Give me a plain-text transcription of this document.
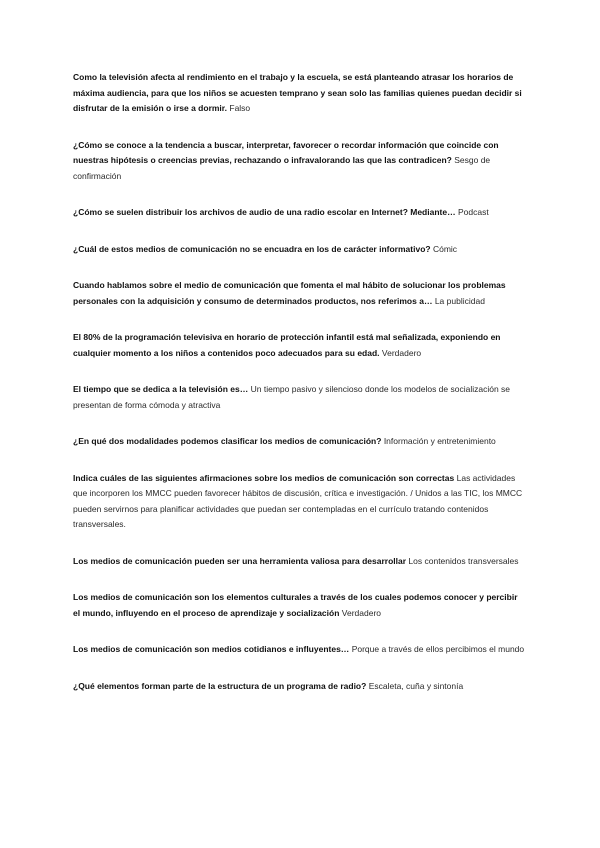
Como la televisión afecta al rendimiento en el trabajo y la escuela, se está planteando atrasar los horarios de máxima audiencia, para que los niños se acuesten temprano y sean solo las familias quienes puedan decidir si disfrutar de la emisión o irse a dormir. Falso
¿Cómo se conoce a la tendencia a buscar, interpretar, favorecer o recordar información que coincide con nuestras hipótesis o creencias previas, rechazando o infravalorando las que las contradicen? Sesgo de confirmación
¿Cómo se suelen distribuir los archivos de audio de una radio escolar en Internet? Mediante… Podcast
¿Cuál de estos medios de comunicación no se encuadra en los de carácter informativo? Cómic
Cuando hablamos sobre el medio de comunicación que fomenta el mal hábito de solucionar los problemas personales con la adquisición y consumo de determinados productos, nos referimos a… La publicidad
El 80% de la programación televisiva en horario de protección infantil está mal señalizada, exponiendo en cualquier momento a los niños a contenidos poco adecuados para su edad. Verdadero
El tiempo que se dedica a la televisión es… Un tiempo pasivo y silencioso donde los modelos de socialización se presentan de forma cómoda y atractiva
¿En qué dos modalidades podemos clasificar los medios de comunicación? Información y entretenimiento
Indica cuáles de las siguientes afirmaciones sobre los medios de comunicación son correctas Las actividades que incorporen los MMCC pueden favorecer hábitos de discusión, crítica e investigación. / Unidos a las TIC, los MMCC pueden servirnos para planificar actividades que puedan ser contempladas en el currículo tratando contenidos transversales.
Los medios de comunicación pueden ser una herramienta valiosa para desarrollar Los contenidos transversales
Los medios de comunicación son los elementos culturales a través de los cuales podemos conocer y percibir el mundo, influyendo en el proceso de aprendizaje y socialización Verdadero
Los medios de comunicación son medios cotidianos e influyentes… Porque a través de ellos percibimos el mundo
¿Qué elementos forman parte de la estructura de un programa de radio? Escaleta, cuña y sintonía
